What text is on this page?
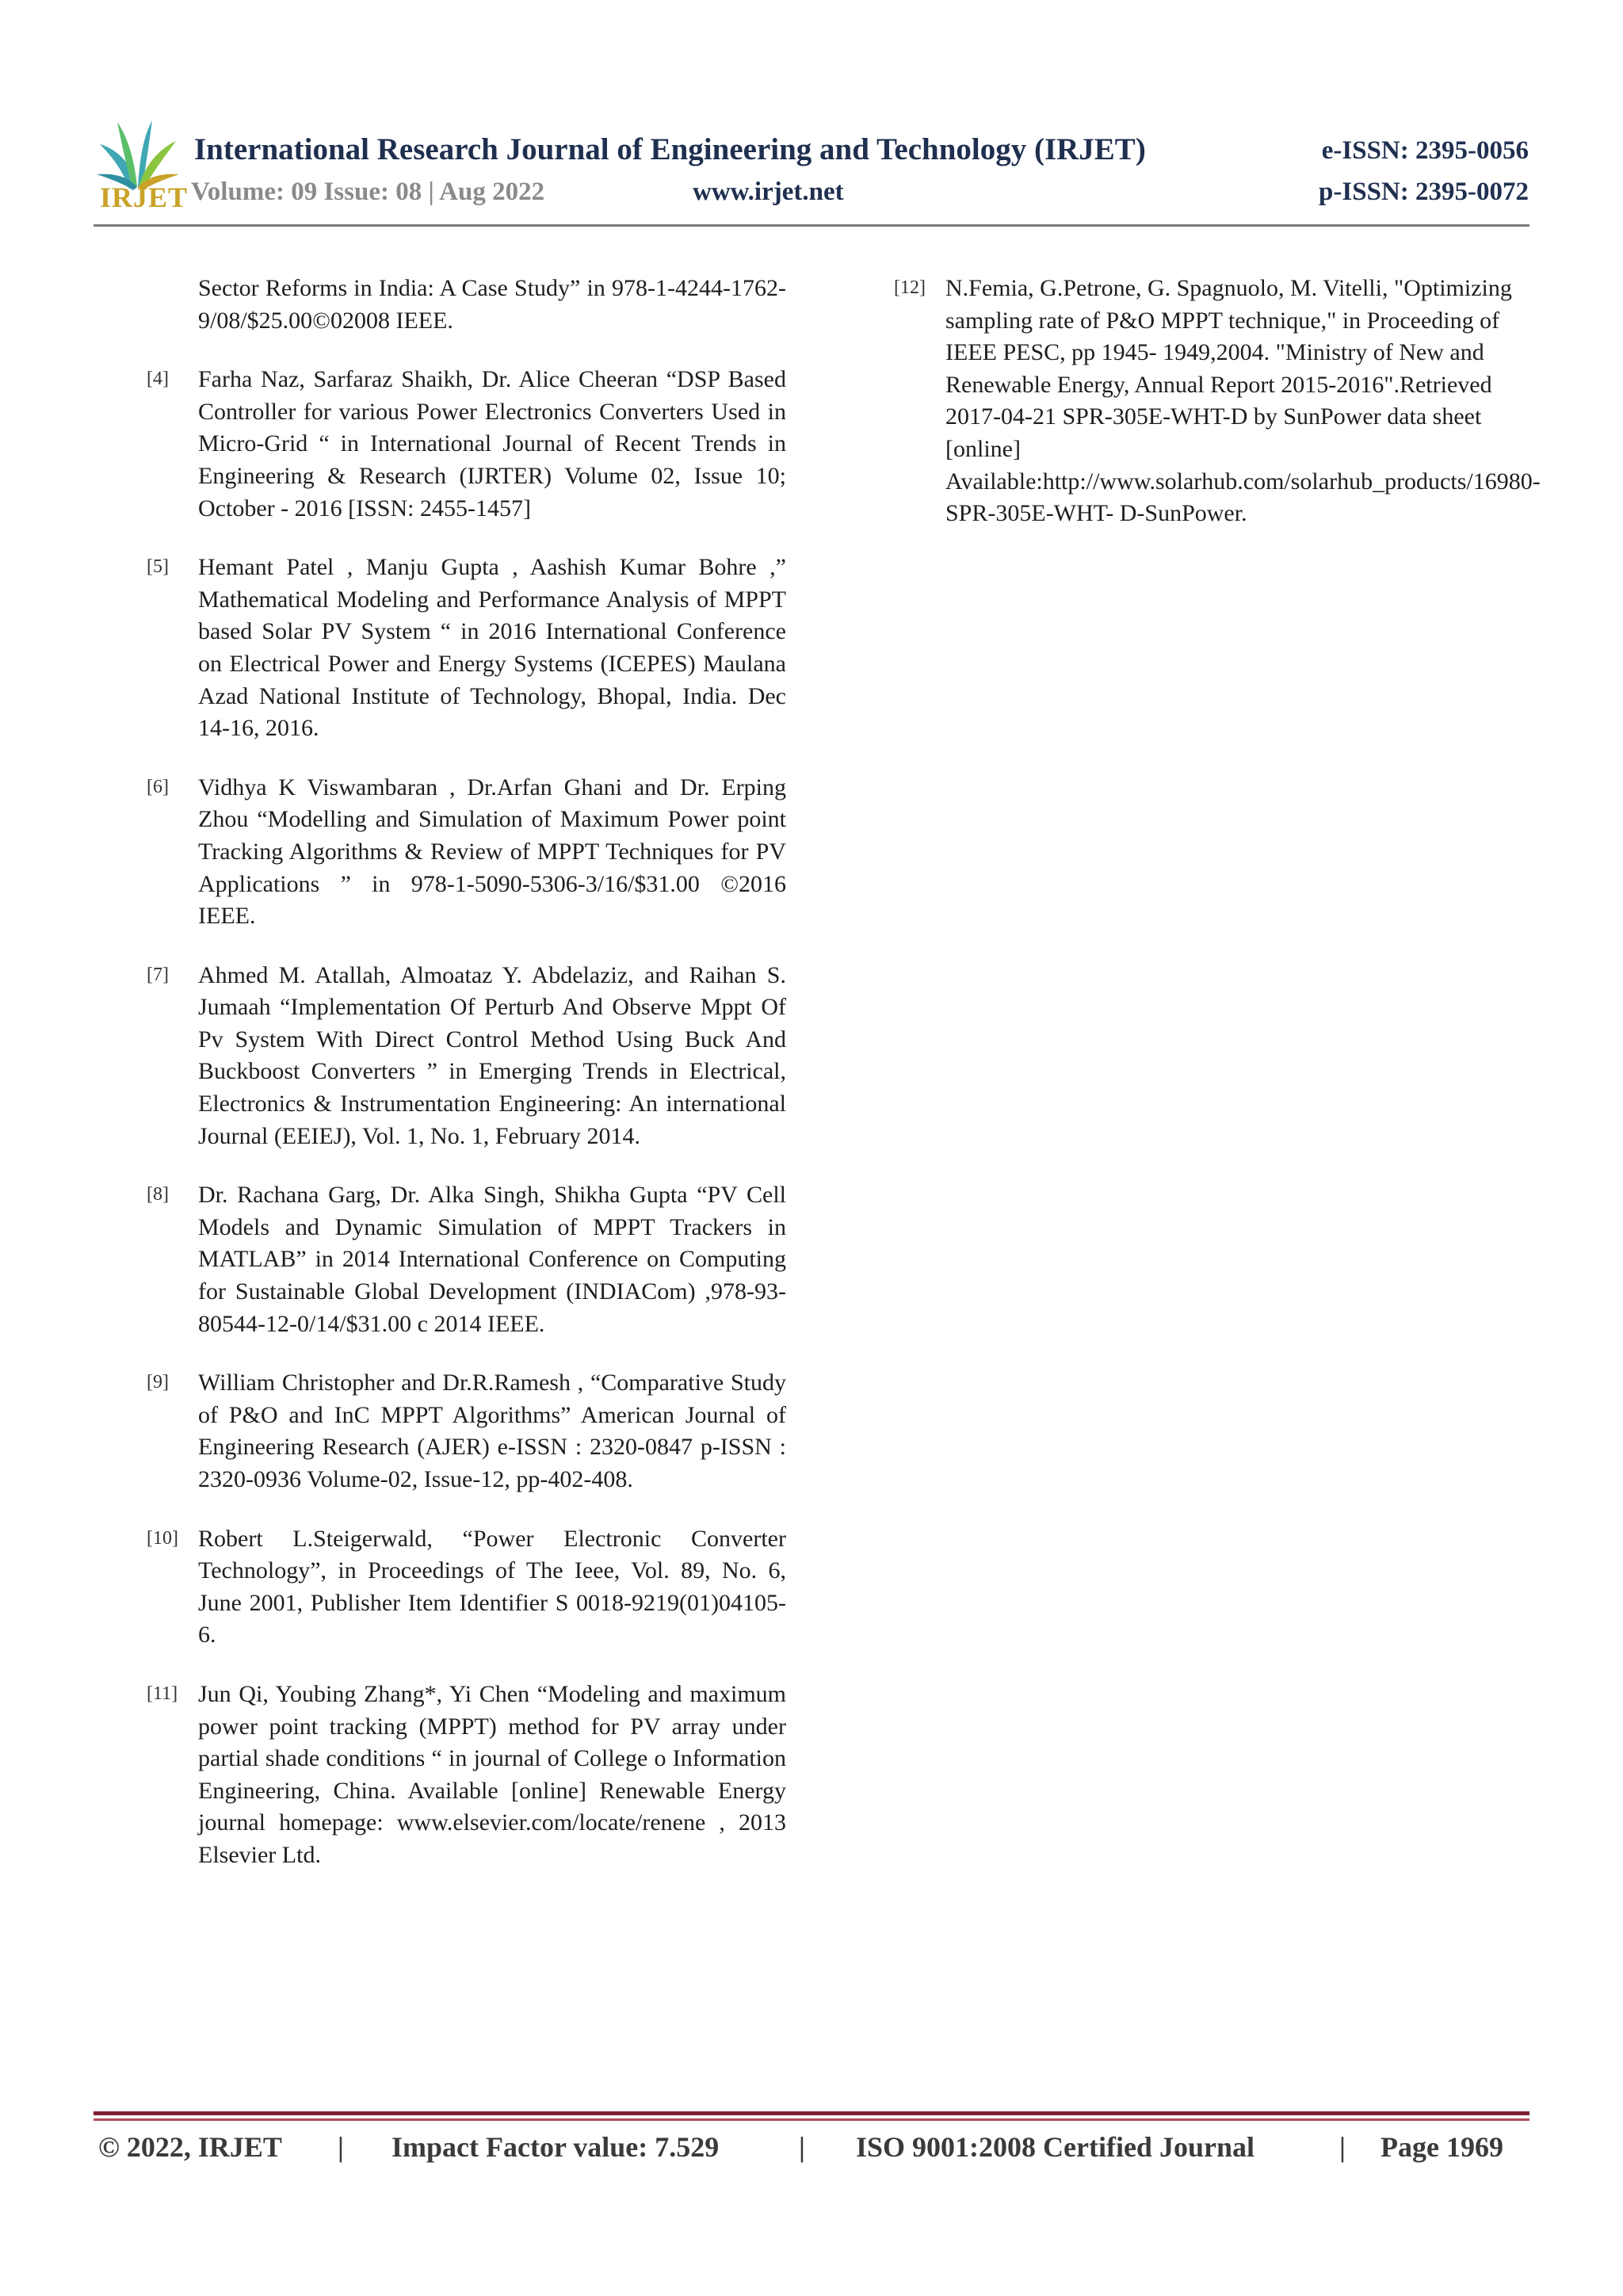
IRJET
International Research Journal of Engineering and Technology (IRJET)	e-ISSN: 2395-0056
Volume: 09 Issue: 08 | Aug 2022	www.irjet.net	p-ISSN: 2395-0072
Sector Reforms in India: A Case Study” in 978-1-4244-1762-9/08/$25.00©02008 IEEE.
[4] Farha Naz, Sarfaraz Shaikh, Dr. Alice Cheeran “DSP Based Controller for various Power Electronics Converters Used in Micro-Grid “ in International Journal of Recent Trends in Engineering & Research (IJRTER) Volume 02, Issue 10; October - 2016 [ISSN: 2455-1457]
[5] Hemant Patel , Manju Gupta , Aashish Kumar Bohre ,” Mathematical Modeling and Performance Analysis of MPPT based Solar PV System “ in 2016 International Conference on Electrical Power and Energy Systems (ICEPES) Maulana Azad National Institute of Technology, Bhopal, India. Dec 14-16, 2016.
[6] Vidhya K Viswambaran , Dr.Arfan Ghani and Dr. Erping Zhou “Modelling and Simulation of Maximum Power point Tracking Algorithms & Review of MPPT Techniques for PV Applications ” in 978-1-5090-5306-3/16/$31.00 ©2016 IEEE.
[7] Ahmed M. Atallah, Almoataz Y. Abdelaziz, and Raihan S. Jumaah “Implementation Of Perturb And Observe Mppt Of Pv System With Direct Control Method Using Buck And Buckboost Converters ” in Emerging Trends in Electrical, Electronics & Instrumentation Engineering: An international Journal (EEIEJ), Vol. 1, No. 1, February 2014.
[8] Dr. Rachana Garg, Dr. Alka Singh, Shikha Gupta “PV Cell Models and Dynamic Simulation of MPPT Trackers in MATLAB” in 2014 International Conference on Computing for Sustainable Global Development (INDIACom) ,978-93-80544-12-0/14/$31.00 c 2014 IEEE.
[9] William Christopher and Dr.R.Ramesh , “Comparative Study of P&O and InC MPPT Algorithms” American Journal of Engineering Research (AJER) e-ISSN : 2320-0847 p-ISSN : 2320-0936 Volume-02, Issue-12, pp-402-408.
[10] Robert L.Steigerwald, “Power Electronic Converter Technology”, in Proceedings of The Ieee, Vol. 89, No. 6, June 2001, Publisher Item Identifier S 0018-9219(01)04105-6.
[11] Jun Qi, Youbing Zhang*, Yi Chen “Modeling and maximum power point tracking (MPPT) method for PV array under partial shade conditions “ in journal of College o Information Engineering, China. Available [online] Renewable Energy journal homepage: www.elsevier.com/locate/renene , 2013 Elsevier Ltd.
[12] N.Femia, G.Petrone, G. Spagnuolo, M. Vitelli, "Optimizing sampling rate of P&O MPPT technique," in Proceeding of IEEE PESC, pp 1945- 1949,2004. "Ministry of New and Renewable Energy, Annual Report 2015-2016".Retrieved 2017-04-21 SPR-305E-WHT-D by SunPower data sheet [online] Available:http://www.solarhub.com/solarhub_products/16980-SPR-305E-WHT- D-SunPower.
© 2022, IRJET | Impact Factor value: 7.529	| ISO 9001:2008 Certified Journal	| Page 1969
